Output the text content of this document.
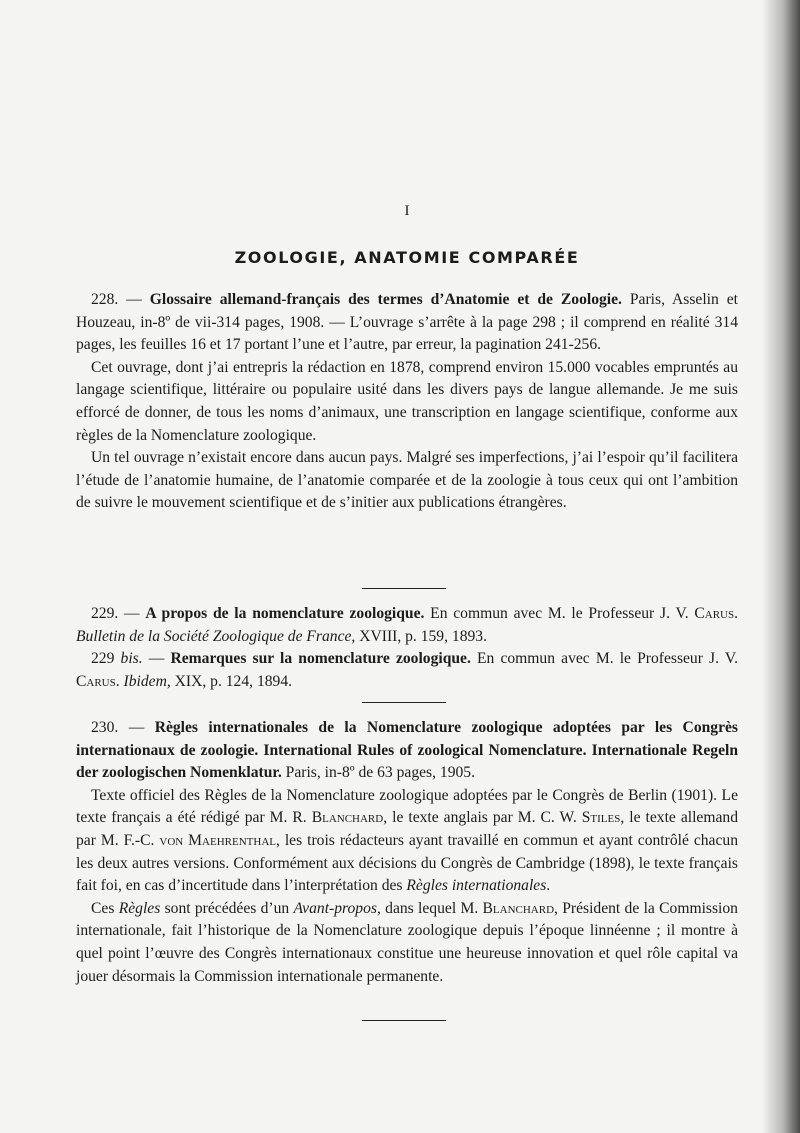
I
ZOOLOGIE, ANATOMIE COMPARÉE

228. — Glossaire allemand-français des termes d’Anatomie et de Zoologie. Paris, Asselin et Houzeau, in-8º de vii-314 pages, 1908. — L’ouvrage s’arrête à la page 298 ; il comprend en réalité 314 pages, les feuilles 16 et 17 portant l’une et l’autre, par erreur, la pagination 241-256.

Cet ouvrage, dont j’ai entrepris la rédaction en 1878, comprend environ 15.000 vocables empruntés au langage scientifique, littéraire ou populaire usité dans les divers pays de langue allemande. Je me suis efforcé de donner, de tous les noms d’animaux, une transcription en langage scientifique, conforme aux règles de la Nomenclature zoologique.

Un tel ouvrage n’existait encore dans aucun pays. Malgré ses imperfections, j’ai l’espoir qu’il facilitera l’étude de l’anatomie humaine, de l’anatomie comparée et de la zoologie à tous ceux qui ont l’ambition de suivre le mouvement scientifique et de s’initier aux publications étrangères.

229. — A propos de la nomenclature zoologique. En commun avec M. le Professeur J. V. Carus. Bulletin de la Société Zoologique de France, XVIII, p. 159, 1893.

229 bis. — Remarques sur la nomenclature zoologique. En commun avec M. le Professeur J. V. Carus. Ibidem, XIX, p. 124, 1894.

230. — Règles internationales de la Nomenclature zoologique adoptées par les Congrès internationaux de zoologie. International Rules of zoological Nomenclature. Internationale Regeln der zoologischen Nomenklatur. Paris, in-8º de 63 pages, 1905.

Texte officiel des Règles de la Nomenclature zoologique adoptées par le Congrès de Berlin (1901). Le texte français a été rédigé par M. R. Blanchard, le texte anglais par M. C. W. Stiles, le texte allemand par M. F.-C. von Maehrenthal, les trois rédacteurs ayant travaillé en commun et ayant contrôlé chacun les deux autres versions. Conformément aux décisions du Congrès de Cambridge (1898), le texte français fait foi, en cas d’incertitude dans l’interprétation des Règles internationales.

Ces Règles sont précédées d’un Avant-propos, dans lequel M. Blanchard, Président de la Commission internationale, fait l’historique de la Nomenclature zoologique depuis l’époque linnéenne ; il montre à quel point l’œuvre des Congrès internationaux constitue une heureuse innovation et quel rôle capital va jouer désormais la Commission internationale permanente.
